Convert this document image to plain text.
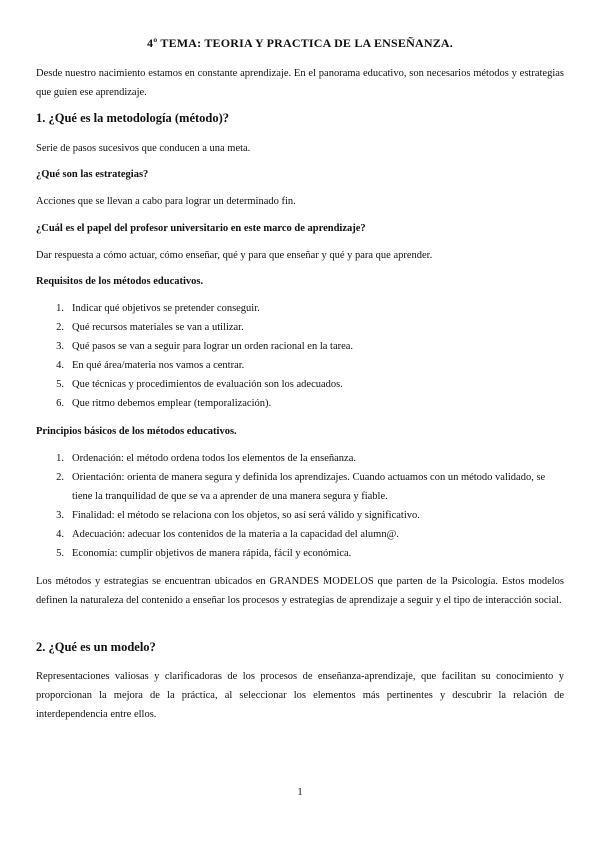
4º TEMA: TEORIA Y PRACTICA DE LA ENSEÑANZA.
Desde nuestro nacimiento estamos en constante aprendizaje. En el panorama educativo, son necesarios métodos y estrategias que guíen ese aprendizaje.
1. ¿Qué es la metodología (método)?
Serie de pasos sucesivos que conducen a una meta.
¿Qué son las estrategias?
Acciones que se llevan a cabo para lograr un determinado fin.
¿Cuál es el papel del profesor universitario en este marco de aprendizaje?
Dar respuesta a cómo actuar, cómo enseñar, qué y para que enseñar y qué y para que aprender.
Requisitos de los métodos educativos.
1. Indicar qué objetivos se pretender conseguir.
2. Qué recursos materiales se van a utilizar.
3. Qué pasos se van a seguir para lograr un orden racional en la tarea.
4. En qué área/materia nos vamos a centrar.
5. Que técnicas y procedimientos de evaluación son los adecuados.
6. Que ritmo debemos emplear (temporalización).
Principios básicos de los métodos educativos.
1. Ordenación: el método ordena todos los elementos de la enseñanza.
2. Orientación: orienta de manera segura y definida los aprendizajes. Cuando actuamos con un método validado, se tiene la tranquilidad de que se va a aprender de una manera segura y fiable.
3. Finalidad: el método se relaciona con los objetos, so así será válido y significativo.
4. Adecuación: adecuar los contenidos de la materia a la capacidad del alumn@.
5. Economía: cumplir objetivos de manera rápida, fácil y económica.
Los métodos y estrategias se encuentran ubicados en GRANDES MODELOS que parten de la Psicología. Estos modelos definen la naturaleza del contenido a enseñar los procesos y estrategias de aprendizaje a seguir y el tipo de interacción social.
2. ¿Qué es un modelo?
Representaciones valiosas y clarificadoras de los procesos de enseñanza-aprendizaje, que facilitan su conocimiento y proporcionan la mejora de la práctica, al seleccionar los elementos más pertinentes y descubrir la relación de interdependencia entre ellos.
1
